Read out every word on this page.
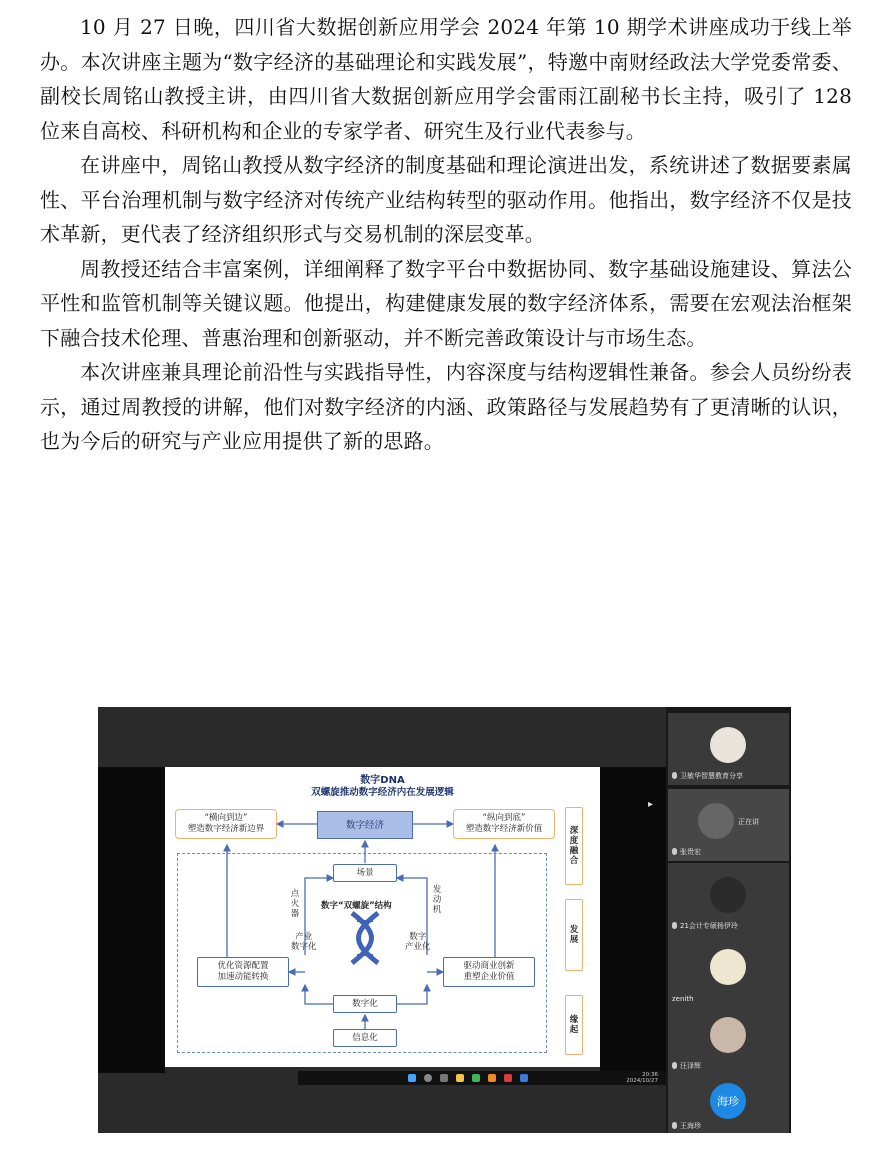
10 月 27 日晚，四川省大数据创新应用学会 2024 年第 10 期学术讲座成功于线上举办。本次讲座主题为“数字经济的基础理论和实践发展”，特邀中南财经政法大学党委常委、副校长周铭山教授主讲，由四川省大数据创新应用学会雷雨江副秘书长主持，吸引了 128 位来自高校、科研机构和企业的专家学者、研究生及行业代表参与。

在讲座中，周铭山教授从数字经济的制度基础和理论演进出发，系统讲述了数据要素属性、平台治理机制与数字经济对传统产业结构转型的驱动作用。他指出，数字经济不仅是技术革新，更代表了经济组织形式与交易机制的深层变革。

周教授还结合丰富案例，详细阐释了数字平台中数据协同、数字基础设施建设、算法公平性和监管机制等关键议题。他提出，构建健康发展的数字经济体系，需要在宏观法治框架下融合技术伦理、普惠治理和创新驱动，并不断完善政策设计与市场生态。

本次讲座兼具理论前沿性与实践指导性，内容深度与结构逻辑性兼备。参会人员纷纷表示，通过周教授的讲解，他们对数字经济的内涵、政策路径与发展趋势有了更清晰的认识，也为今后的研究与产业应用提供了新的思路。

数字DNA
双螺旋推动数字经济内在发展逻辑
“横向到边”
塑造数字经济新边界	数字经济
“纵向到底”
塑造数字经济新价值
场景
点火器
发动机
数字“双螺旋”结构
优化资源配置
加速动能转换
驱动商业创新
重塑企业价值
产业
数字化
数字
产业化
数字化
信息化
深度融合
发展
缘起
▸
20:36
2024/10/27
卫敏华智慧教育分享
正在讲
张贵宏
21会计专硕杨伊玲
zenith
汪泽辉
海珍
王海珍
